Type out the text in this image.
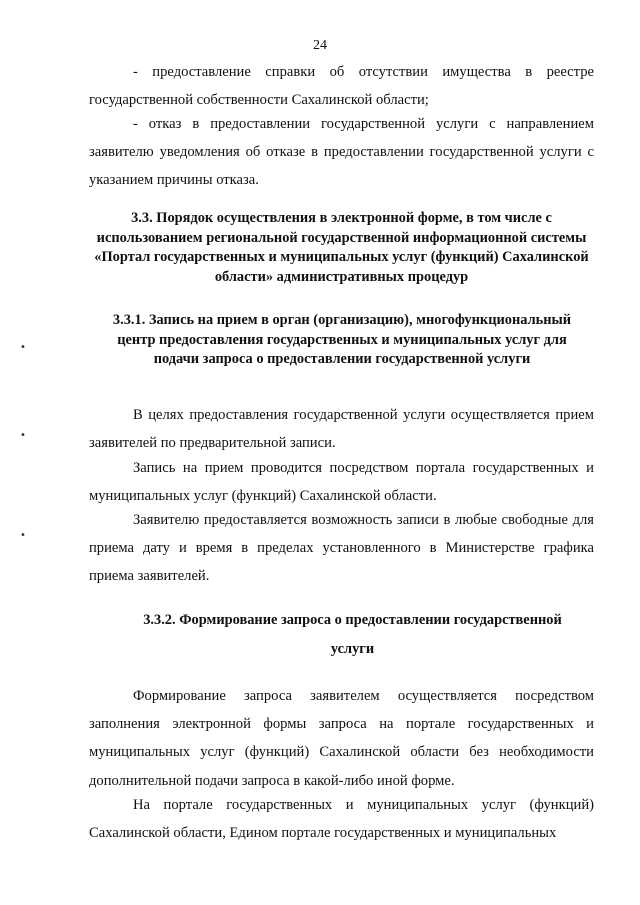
24

- предоставление справки об отсутствии имущества в реестре государственной собственности Сахалинской области;

- отказ в предоставлении государственной услуги с направлением заявителю уведомления об отказе в предоставлении государственной услуги с указанием причины отказа.

3.3. Порядок осуществления в электронной форме, в том числе с использованием региональной государственной информационной системы «Портал государственных и муниципальных услуг (функций) Сахалинской области» административных процедур

3.3.1. Запись на прием в орган (организацию), многофункциональный центр предоставления государственных и муниципальных услуг для подачи запроса о предоставлении государственной услуги

•
•
•

В целях предоставления государственной услуги осуществляется прием заявителей по предварительной записи.

Запись на прием проводится посредством портала государственных и муниципальных услуг (функций) Сахалинской области.

Заявителю предоставляется возможность записи в любые свободные для приема дату и время в пределах установленного в Министерстве графика приема заявителей.

3.3.2. Формирование запроса о предоставлении государственной услуги

Формирование запроса заявителем осуществляется посредством заполнения электронной формы запроса на портале государственных и муниципальных услуг (функций) Сахалинской области без необходимости дополнительной подачи запроса в какой-либо иной форме.

На портале государственных и муниципальных услуг (функций) Сахалинской области, Едином портале государственных и муниципальных
